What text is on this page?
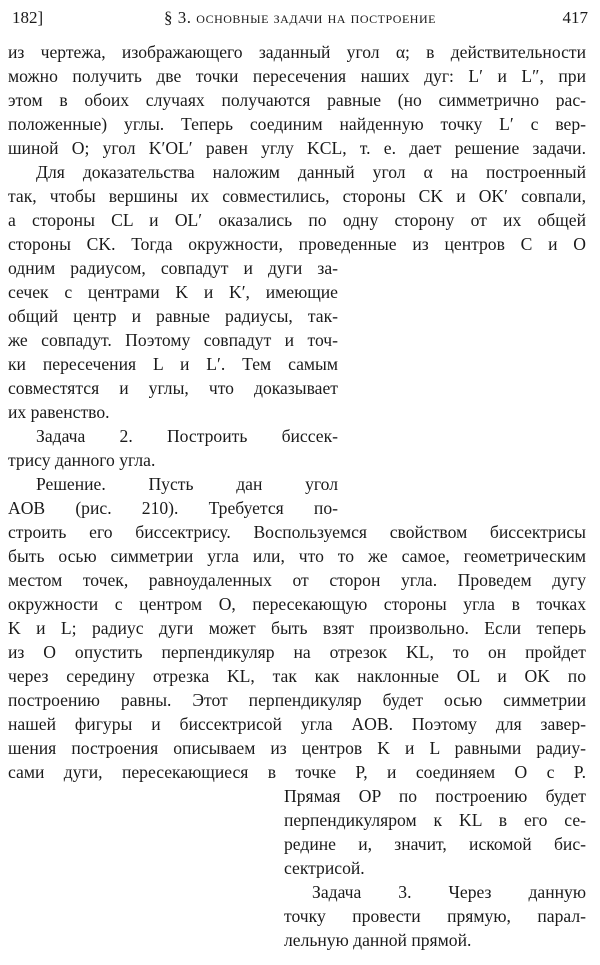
182]	§ 3. основные задачи на построение	417
из чертежа, изображающего заданный угол α; в действительности
можно получить две точки пересечения наших дуг: L′ и L″, при
этом в обоих случаях получаются равные (но симметрично рас-
положенные) углы. Теперь соединим найденную точку L′ с вер-
шиной O; угол K′OL′ равен углу KCL, т. е. дает решение задачи.
Для доказательства наложим данный угол α на построенный
так, чтобы вершины их совместились, стороны CK и OK′ совпали,
а стороны CL и OL′ оказались по одну сторону от их общей
стороны CK. Тогда окружности, проведенные из центров C и O
одним радиусом, совпадут и дуги за-
сечек с центрами K и K′, имеющие
общий центр и равные радиусы, так-
же совпадут. Поэтому совпадут и точ-
ки пересечения L и L′. Тем самым
совместятся и углы, что доказывает
их равенство.
Задача 2. Построить биссек-
трису данного угла.
Решение. Пусть дан угол
AOB (рис. 210). Требуется по-
строить его биссектрису. Воспользуемся свойством биссектрисы
быть осью симметрии угла или, что то же самое, геометрическим
местом точек, равноудаленных от сторон угла. Проведем дугу
окружности с центром O, пересекающую стороны угла в точках
K и L; радиус дуги может быть взят произвольно. Если теперь
из O опустить перпендикуляр на отрезок KL, то он пройдет
через середину отрезка KL, так как наклонные OL и OK по
построению равны. Этот перпендикуляр будет осью симметрии
нашей фигуры и биссектрисой угла AOB. Поэтому для завер-
шения построения описываем из центров K и L равными радиу-
сами дуги, пересекающиеся в точке P, и соединяем O с P.
Прямая OP по построению будет
перпендикуляром к KL в его се-
редине и, значит, искомой бис-
сектрисой.
Задача 3. Через данную
точку провести прямую, парал-
лельную данной прямой.
